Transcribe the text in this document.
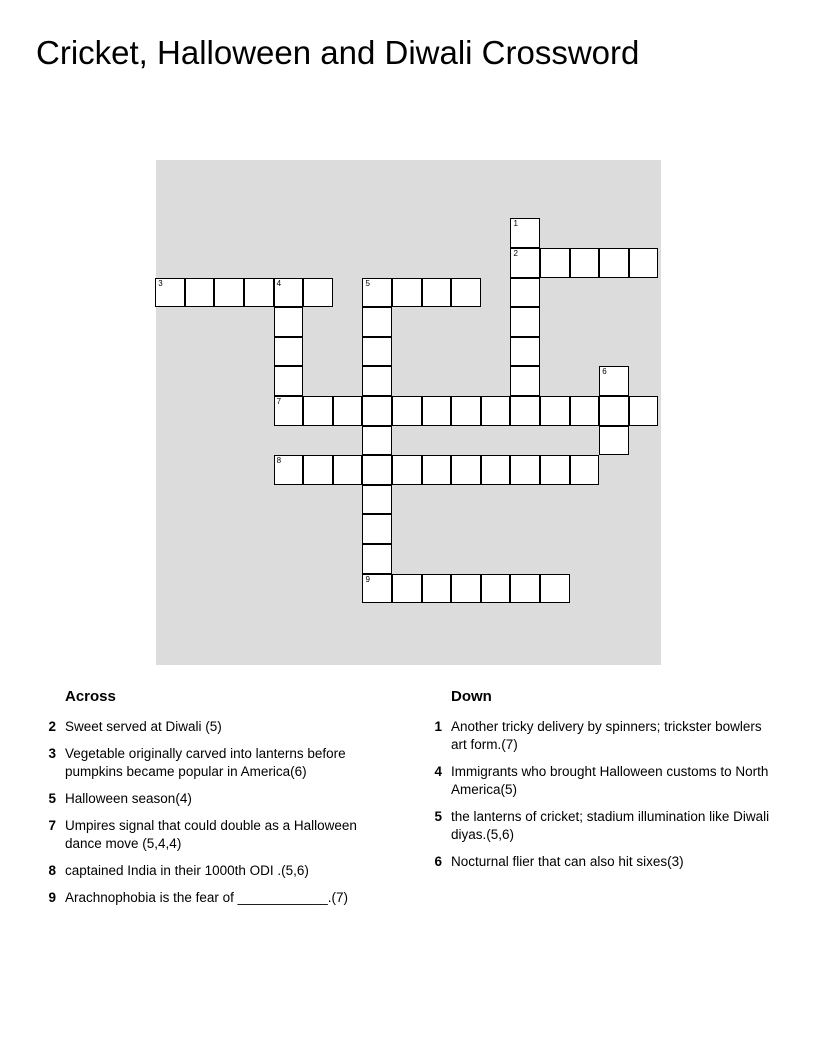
Cricket, Halloween and Diwali Crossword
2
3	4	5
7
8
9
1
6
Across
2 Sweet served at Diwali (5)
3 Vegetable originally carved into lanterns before pumpkins became popular in America(6)
5 Halloween season(4)
7 Umpires signal that could double as a Halloween dance move (5,4,4)
8 captained India in their 1000th ODI .(5,6)
9 Arachnophobia is the fear of ____________.(7)
Down
1 Another tricky delivery by spinners; trickster bowlers art form.(7)
4 Immigrants who brought Halloween customs to North America(5)
5 the lanterns of cricket; stadium illumination like Diwali diyas.(5,6)
6 Nocturnal flier that can also hit sixes(3)
